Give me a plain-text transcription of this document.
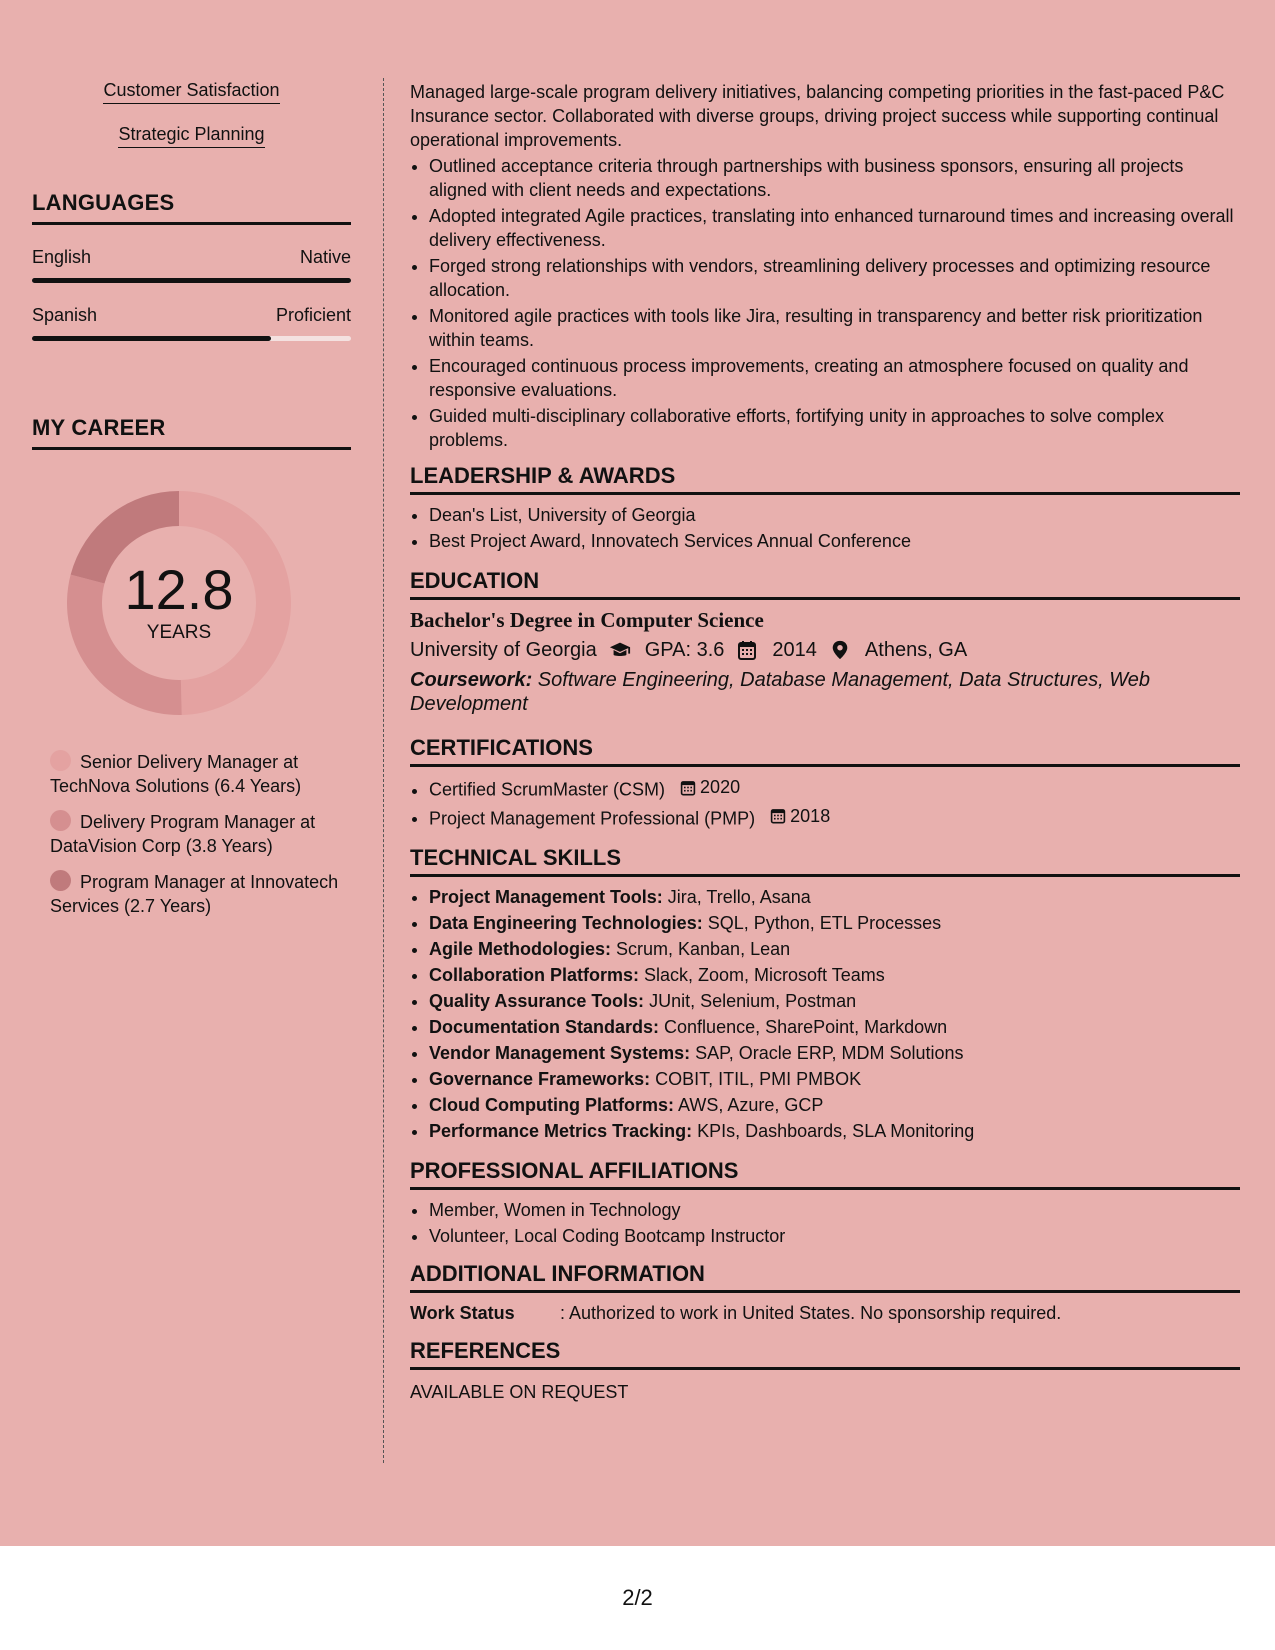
Customer Satisfaction
Strategic Planning
LANGUAGES
English	Native
Spanish	Proficient
MY CAREER
12.8
YEARS
Senior Delivery Manager at TechNova Solutions (6.4 Years)
Delivery Program Manager at DataVision Corp (3.8 Years)
Program Manager at Innovatech Services (2.7 Years)

Managed large-scale program delivery initiatives, balancing competing priorities in the fast-paced P&C Insurance sector. Collaborated with diverse groups, driving project success while supporting continual operational improvements.

• Outlined acceptance criteria through partnerships with business sponsors, ensuring all projects aligned with client needs and expectations.
• Adopted integrated Agile practices, translating into enhanced turnaround times and increasing overall delivery effectiveness.
• Forged strong relationships with vendors, streamlining delivery processes and optimizing resource allocation.
• Monitored agile practices with tools like Jira, resulting in transparency and better risk prioritization within teams.
• Encouraged continuous process improvements, creating an atmosphere focused on quality and responsive evaluations.
• Guided multi-disciplinary collaborative efforts, fortifying unity in approaches to solve complex problems.
LEADERSHIP & AWARDS
• Dean's List, University of Georgia
• Best Project Award, Innovatech Services Annual Conference
EDUCATION
Bachelor's Degree in Computer Science
University of Georgia GPA: 3.6 2014 Athens, GA
Coursework: Software Engineering, Database Management, Data Structures, Web Development
CERTIFICATIONS
• Certified ScrumMaster (CSM) 2020
• Project Management Professional (PMP) 2018
TECHNICAL SKILLS
• Project Management Tools: Jira, Trello, Asana
• Data Engineering Technologies: SQL, Python, ETL Processes
• Agile Methodologies: Scrum, Kanban, Lean
• Collaboration Platforms: Slack, Zoom, Microsoft Teams
• Quality Assurance Tools: JUnit, Selenium, Postman
• Documentation Standards: Confluence, SharePoint, Markdown
• Vendor Management Systems: SAP, Oracle ERP, MDM Solutions
• Governance Frameworks: COBIT, ITIL, PMI PMBOK
• Cloud Computing Platforms: AWS, Azure, GCP
• Performance Metrics Tracking: KPIs, Dashboards, SLA Monitoring
PROFESSIONAL AFFILIATIONS
• Member, Women in Technology
• Volunteer, Local Coding Bootcamp Instructor
ADDITIONAL INFORMATION
Work Status	: Authorized to work in United States. No sponsorship required.
REFERENCES
AVAILABLE ON REQUEST
2/2
